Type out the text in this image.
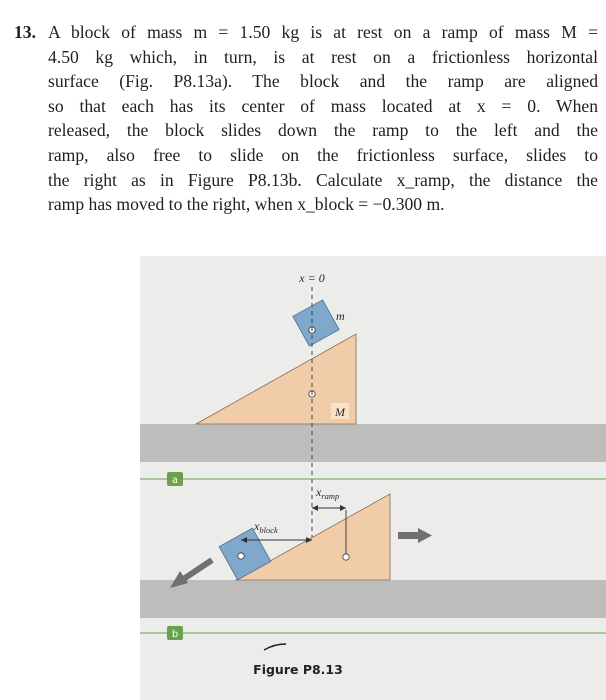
13. A block of mass m = 1.50 kg is at rest on a ramp of mass M =
4.50 kg which, in turn, is at rest on a frictionless horizontal
surface (Fig. P8.13a). The block and the ramp are aligned
so that each has its center of mass located at x = 0. When
released, the block slides down the ramp to the left and the
ramp, also free to slide on the frictionless surface, slides to
the right as in Figure P8.13b. Calculate x_ramp, the distance the
ramp has moved to the right, when x_block = −0.300 m.
x = 0
m
M
a
$x_{ramp}$
$x_{block}$
b
Figure P8.13
